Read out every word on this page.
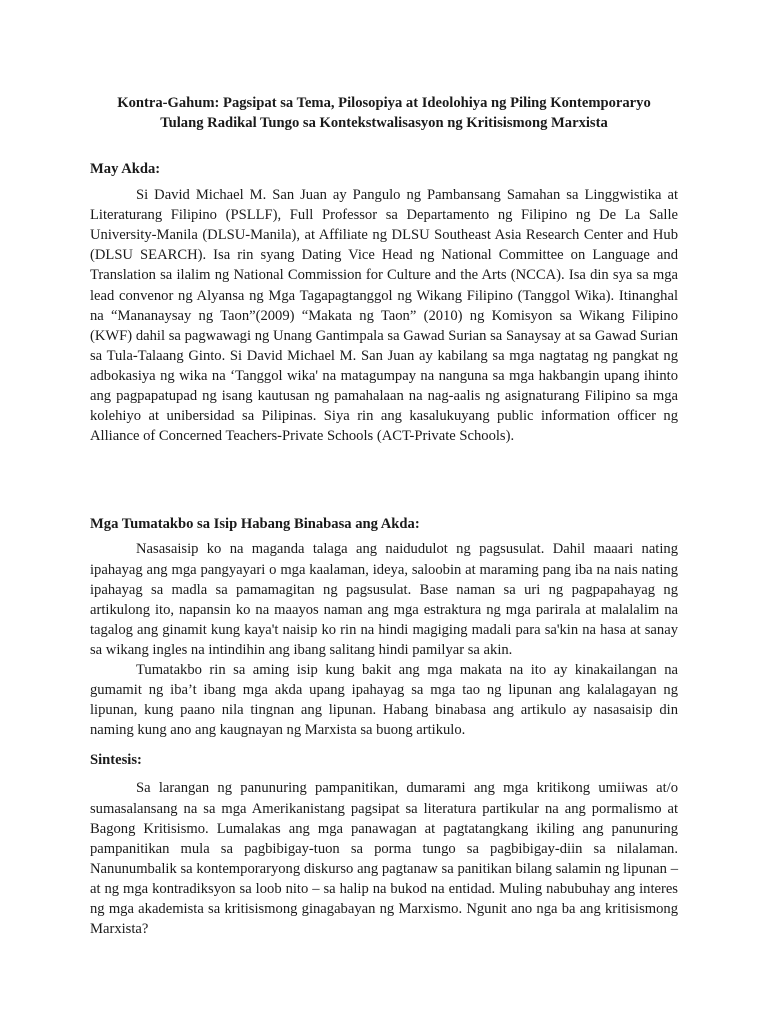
Kontra-Gahum: Pagsipat sa Tema, Pilosopiya at Ideolohiya ng Piling Kontemporaryo
Tulang Radikal Tungo sa Kontekstwalisasyon ng Kritisismong Marxista
May Akda:

Si David Michael M. San Juan ay Pangulo ng Pambansang Samahan sa Linggwistika at Literaturang Filipino (PSLLF), Full Professor sa Departamento ng Filipino ng De La Salle University-Manila (DLSU-Manila), at Affiliate ng DLSU Southeast Asia Research Center and Hub (DLSU SEARCH). Isa rin syang Dating Vice Head ng National Committee on Language and Translation sa ilalim ng National Commission for Culture and the Arts (NCCA). Isa din sya sa mga lead convenor ng Alyansa ng Mga Tagapagtanggol ng Wikang Filipino (Tanggol Wika). Itinanghal na “Mananaysay ng Taon”(2009) “Makata ng Taon” (2010) ng Komisyon sa Wikang Filipino (KWF) dahil sa pagwawagi ng Unang Gantimpala sa Gawad Surian sa Sanaysay at sa Gawad Surian sa Tula-Talaang Ginto. Si David Michael M. San Juan ay kabilang sa mga nagtatag ng pangkat ng adbokasiya ng wika na ‘Tanggol wika' na matagumpay na nanguna sa mga hakbangin upang ihinto ang pagpapatupad ng isang kautusan ng pamahalaan na nag-aalis ng asignaturang Filipino sa mga kolehiyo at unibersidad sa Pilipinas. Siya rin ang kasalukuyang public information officer ng Alliance of Concerned Teachers-Private Schools (ACT-Private Schools).

Mga Tumatakbo sa Isip Habang Binabasa ang Akda:

Nasasaisip ko na maganda talaga ang naidudulot ng pagsusulat. Dahil maaari nating ipahayag ang mga pangyayari o mga kaalaman, ideya, saloobin at maraming pang iba na nais nating ipahayag sa madla sa pamamagitan ng pagsusulat. Base naman sa uri ng pagpapahayag ng artikulong ito, napansin ko na maayos naman ang mga estraktura ng mga parirala at malalalim na tagalog ang ginamit kung kaya't naisip ko rin na hindi magiging madali para sa'kin na hasa at sanay sa wikang ingles na intindihin ang ibang salitang hindi pamilyar sa akin.

Tumatakbo rin sa aming isip kung bakit ang mga makata na ito ay kinakailangan na gumamit ng iba’t ibang mga akda upang ipahayag sa mga tao ng lipunan ang kalalagayan ng lipunan, kung paano nila tingnan ang lipunan. Habang binabasa ang artikulo ay nasasaisip din naming kung ano ang kaugnayan ng Marxista sa buong artikulo.

Sintesis:

Sa larangan ng panunuring pampanitikan, dumarami ang mga kritikong umiiwas at/o sumasalansang na sa mga Amerikanistang pagsipat sa literatura partikular na ang pormalismo at Bagong Kritisismo. Lumalakas ang mga panawagan at pagtatangkang ikiling ang panunuring pampanitikan mula sa pagbibigay-tuon sa porma tungo sa pagbibigay-diin sa nilalaman. Nanunumbalik sa kontemporaryong diskurso ang pagtanaw sa panitikan bilang salamin ng lipunan – at ng mga kontradiksyon sa loob nito – sa halip na bukod na entidad. Muling nabubuhay ang interes ng mga akademista sa kritisismong ginagabayan ng Marxismo. Ngunit ano nga ba ang kritisismong Marxista?
